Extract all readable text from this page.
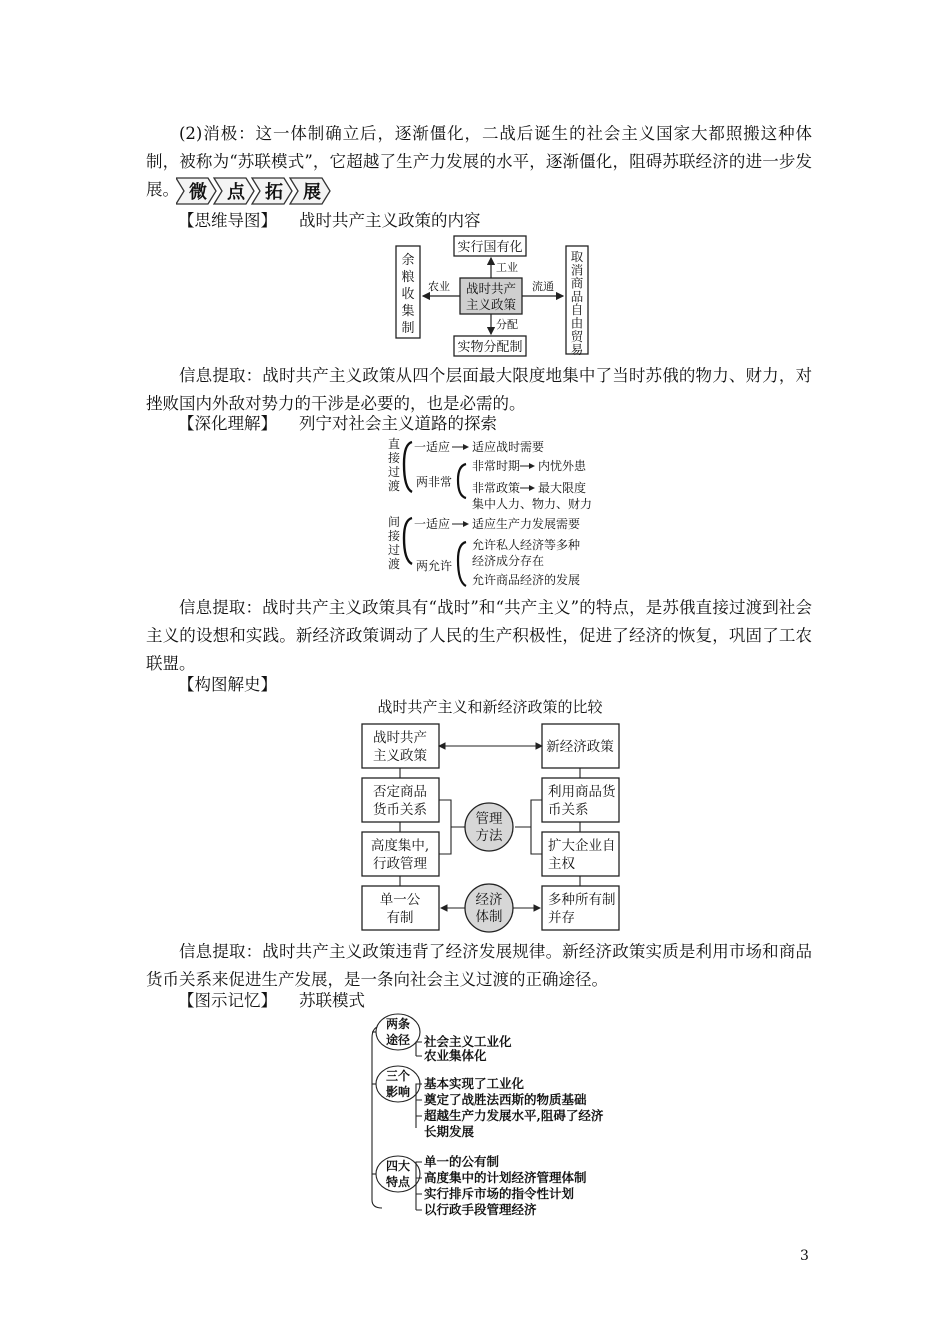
(2)消极：这一体制确立后，逐渐僵化，二战后诞生的社会主义国家大都照搬这种体制，被称为“苏联模式”，它超越了生产力发展的水平，逐渐僵化，阻碍苏联经济的进一步发展。 微 点 拓 展
【思维导图】 战时共产主义政策的内容
实行国有化
实物分配制
战时共产
主义政策
余
粮
收
集
制
取
消
商
品
自
由
贸
易
工业
分配
农业	流通
信息提取：战时共产主义政策从四个层面最大限度地集中了当时苏俄的物力、财力，对挫败国内外敌对势力的干涉是必要的，也是必需的。
【深化理解】 列宁对社会主义道路的探索
直
接
过
渡
间
接
过
渡
一适应 适应战时需要
两非常
非常时期 内忧外患
非常政策 最大限度
集中人力、物力、财力
一适应 适应生产力发展需要
两允许
允许私人经济等多种
经济成分存在
允许商品经济的发展
信息提取：战时共产主义政策具有“战时”和“共产主义”的特点，是苏俄直接过渡到社会主义的设想和实践。新经济政策调动了人民的生产积极性，促进了经济的恢复，巩固了工农联盟。
【构图解史】
战时共产主义和新经济政策的比较
战时共产
主义政策
新经济政策
否定商品
货币关系
利用商品货
币关系
高度集中,
行政管理
扩大企业自
主权
单一公
有制
多种所有制
并存
管理
方法
经济
体制
信息提取：战时共产主义政策违背了经济发展规律。新经济政策实质是利用市场和商品货币关系来促进生产发展，是一条向社会主义过渡的正确途径。
【图示记忆】 苏联模式
两条
途径 社会主义工业化
农业集体化
三个
影响
基本实现了工业化
奠定了战胜法西斯的物质基础
超越生产力发展水平,阻碍了经济
长期发展
四大
特点
单一的公有制
高度集中的计划经济管理体制
实行排斥市场的指令性计划
以行政手段管理经济
3
